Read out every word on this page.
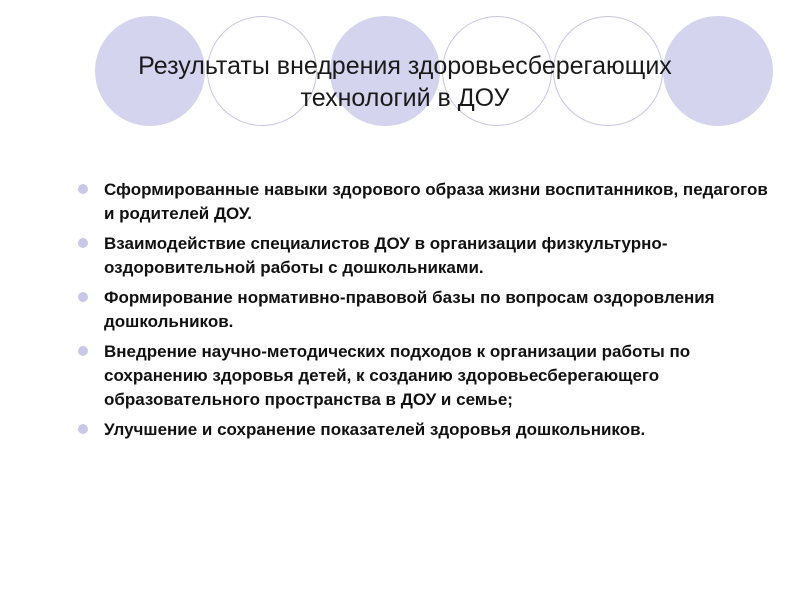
Результаты внедрения здоровьесберегающих
технологий в ДОУ
Сформированные навыки здорового образа жизни воспитанников, педагогов и родителей ДОУ.
Взаимодействие специалистов ДОУ в организации физкультурно-оздоровительной работы с дошкольниками.
Формирование нормативно-правовой базы по вопросам оздоровления дошкольников.
Внедрение научно-методических подходов к организации работы по сохранению здоровья детей, к созданию здоровьесберегающего образовательного пространства в ДОУ и семье;
Улучшение и сохранение показателей здоровья дошкольников.
